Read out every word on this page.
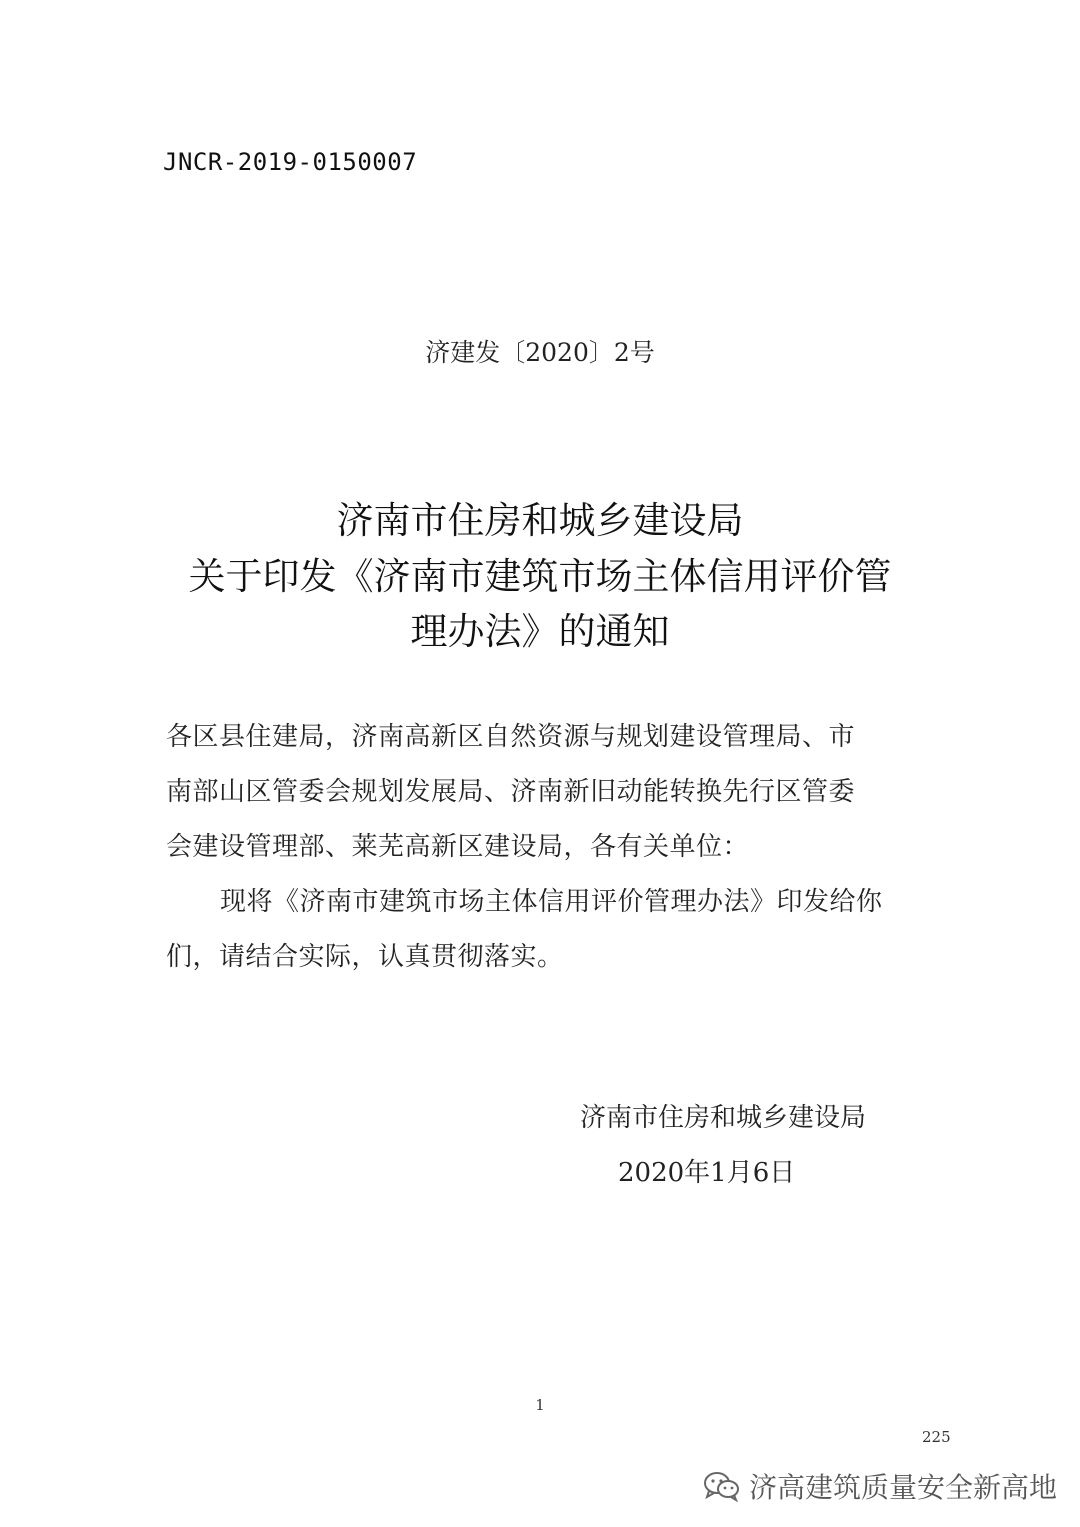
JNCR-2019-0150007
济建发〔2020〕2号
济南市住房和城乡建设局
关于印发《济南市建筑市场主体信用评价管
理办法》的通知
各区县住建局，济南高新区自然资源与规划建设管理局、市
南部山区管委会规划发展局、济南新旧动能转换先行区管委
会建设管理部、莱芜高新区建设局，各有关单位：
现将《济南市建筑市场主体信用评价管理办法》印发给你
们，请结合实际，认真贯彻落实。
济南市住房和城乡建设局
2020年1月6日
1
225
济高建筑质量安全新高地
